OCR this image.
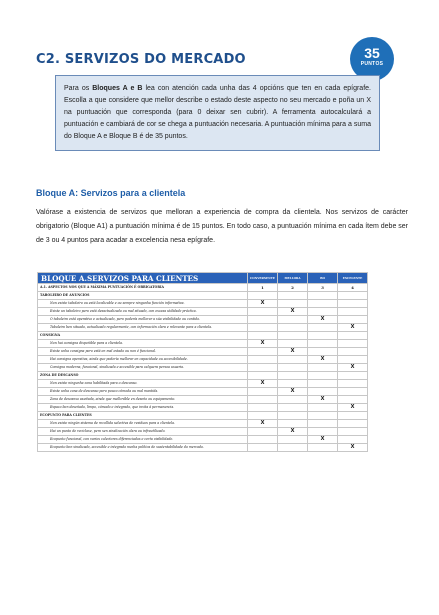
C2. SERVIZOS DO MERCADO	35
PUNTOS
Para os Bloques A e B lea con atención cada unha das 4 opcións que ten en cada epígrafe. Escolla a que considere que mellor describe o estado deste aspecto no seu mercado e poña un X na puntuación que corresponda (para 0 deixar sen cubrir). A ferramenta autocalculará a puntuación e cambiará de cor se chega a puntuación necesaria. A puntuación mínima para a suma do Bloque A e Bloque B é de 35 puntos.
Bloque A: Servizos para a clientela
Valórase a existencia de servizos que melloran a experiencia de compra da clientela. Nos servizos de carácter obrigatorio (Bloque A1) a puntuación mínima é de 15 puntos. En todo caso, a puntuación mínima en cada ítem debe ser de 3 ou 4 puntos para acadar a excelencia nesa epígrafe.
BLOQUE A.SERVIZOS PARA CLIENTES	CONVERXENTE	MELLORA	BO	EXCELENTE
A.1. ASPECTOS NOS QUE A MÁXIMA PUNTUACIÓN É OBRIGATORIA	1	2	3	4
TABOLEIRO DE ANUNCIOS				
Non existe taboleiro ou está localizable e ou sempre ningunha función informativa.	X			
Existe un taboleiro pero está desactualizado ou mal situado, con escasa utilidade práctica.		X		
O taboleiro está operativo e actualizado, pero podería mellorar a súa visibilidade ou contido.			X	
Taboleiro ben situado, actualizado regularmente, con información clara e relevante para a clientela.				X
CONSIGNA				
Non hai consigna dispoñible para a clientela.	X			
Existe unha consigna pero está en mal estado ou non é funcional.		X		
Hai consigna operativa, ainda que podería mellorar en capacidade ou accesibilidade.			X	
Consigna moderna, funcional, sinalizada e accesible para calquera persoa usuaria.				X
ZONA DE DESCANSO				
Non existe ningunha zona habilitada para o descanso.	X			
Existe unha zona de descanso pero pouco cómoda ou mal mantida.		X		
Zona de descanso axeitada, ainda que melloráble en deseño ou equipamento.			X	
Espazo ben deseñado, limpo, cómodo e integrado, que invita á permanencia.				X
ECOPUNTO PARA CLIENTES				
Non existe ningún sistema de recollida selectiva de residuos para a clientela.	X			
Hai un punto de reciclaxe, pero sen sinalización clara ou infrautilizado.		X		
Ecopunto funcional, con varios colectores diferenciados e certa visibilidade.			X	
Ecopunto ben sinalizado, accesible e integrado nunha política de sustentabilidade do mercado.				X
